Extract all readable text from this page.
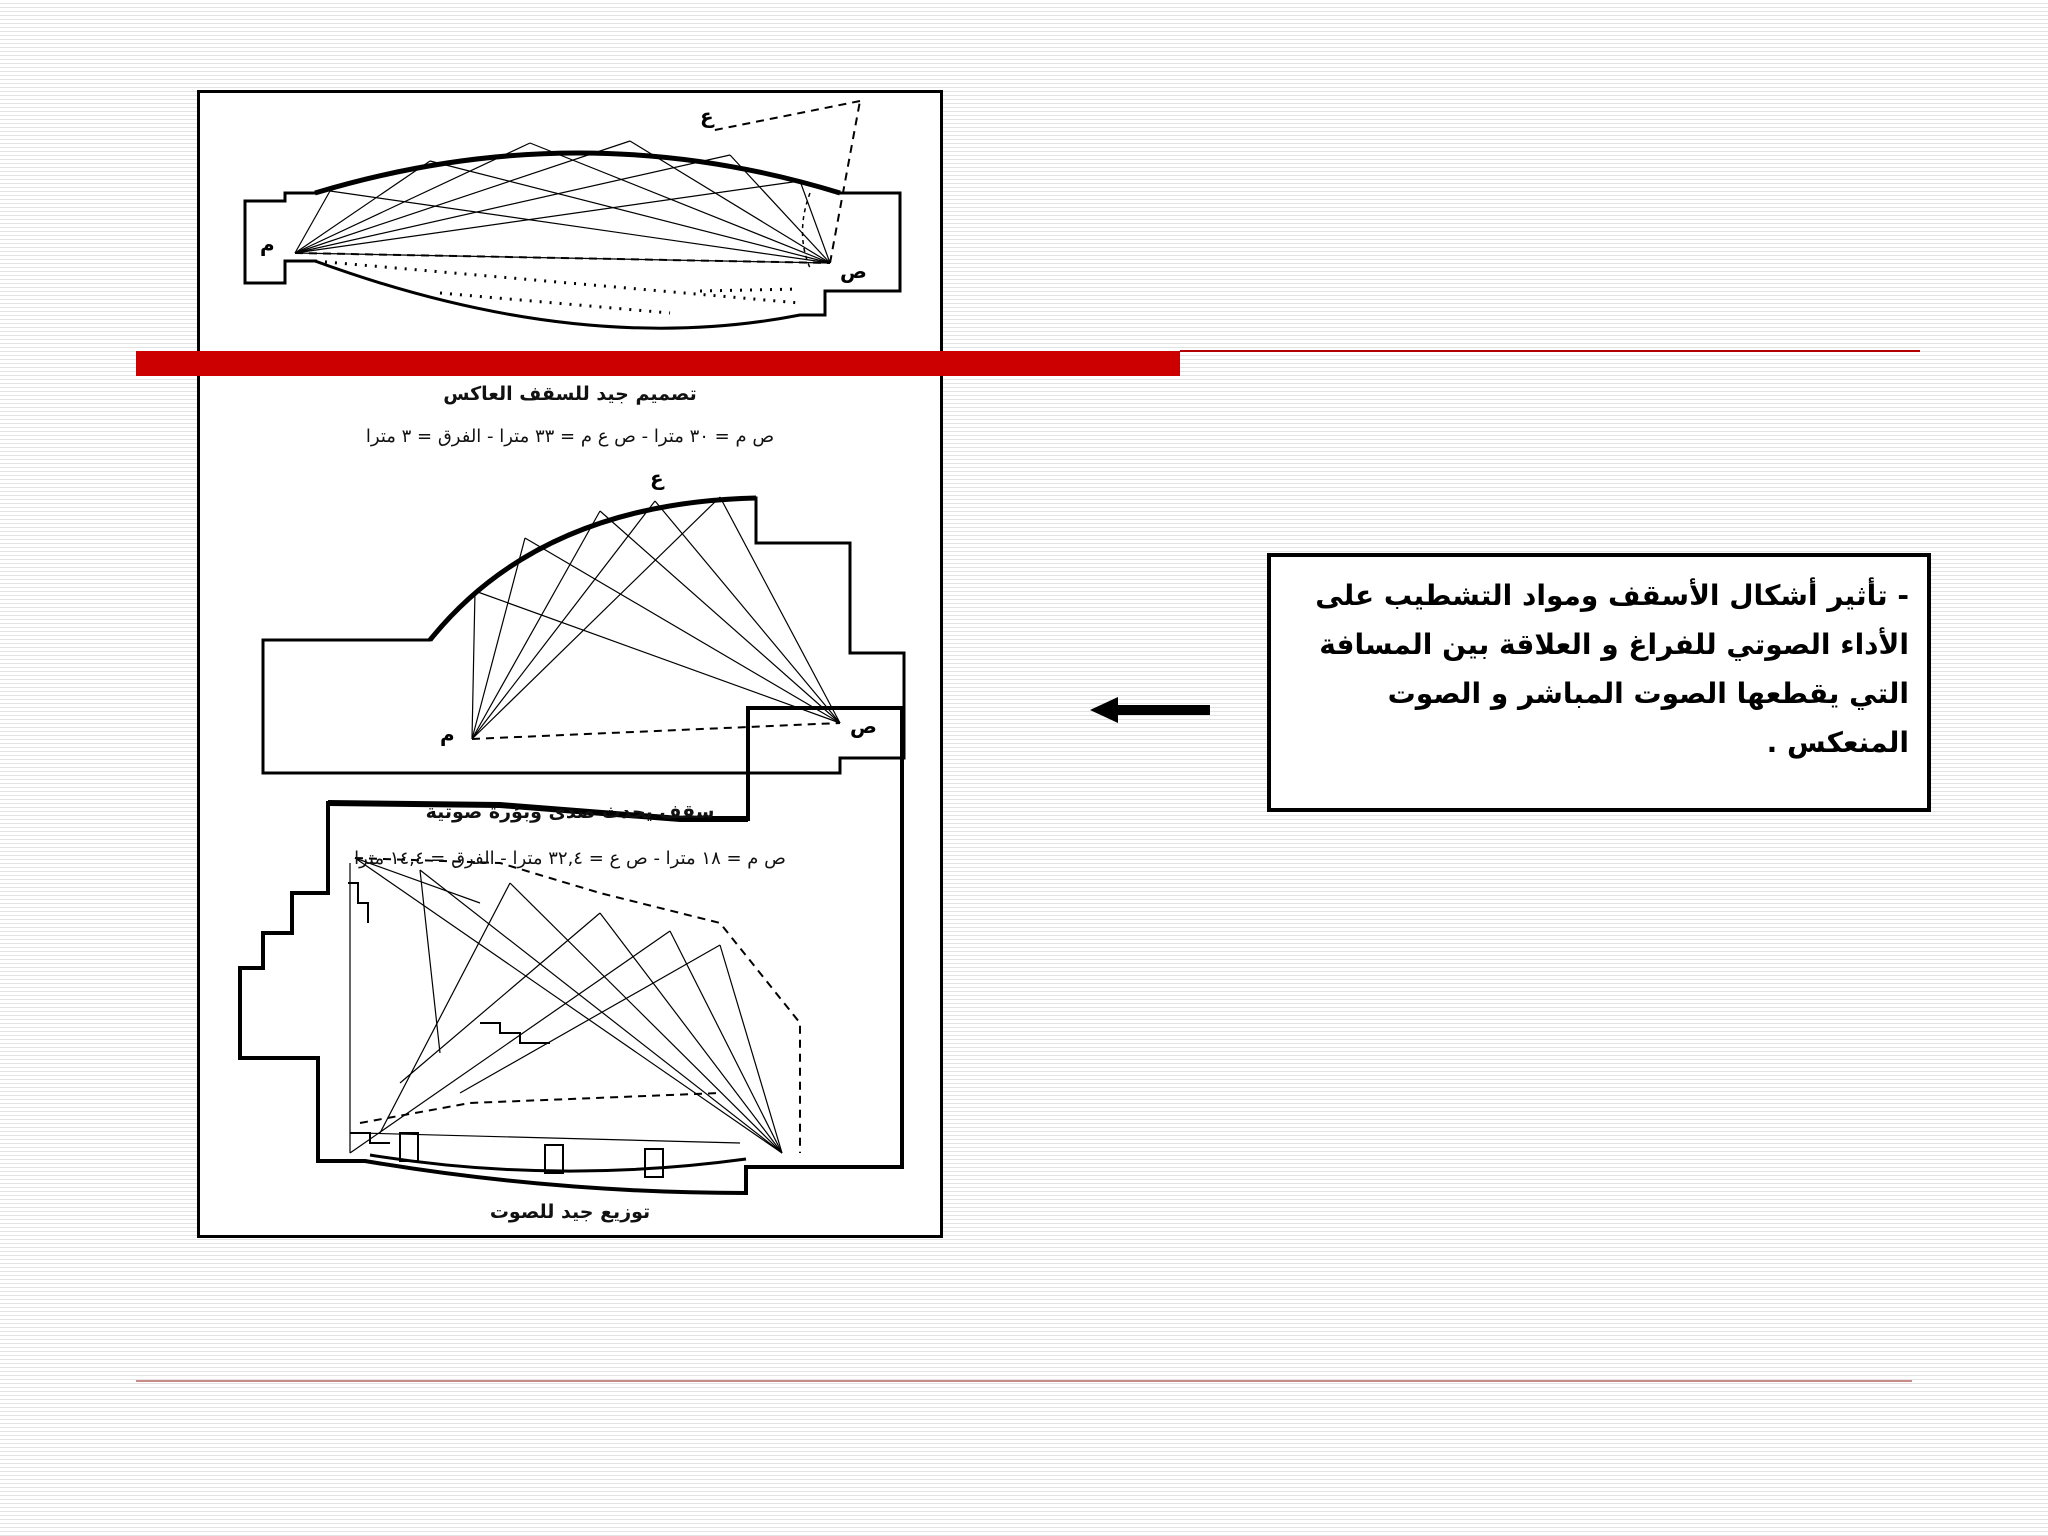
ع
ص
م
ع
ص
م
تصميم جيد للسقف العاكس
ص م = ٣٠ مترا - ص ع م = ٣٣ مترا - الفرق = ٣ مترا
سقف يحدث صدى وبؤرة صوتية
ص م = ١٨ مترا - ص ع = ٣٢,٤ مترا - الفرق = ١٤,٤ مترا
توزيع جيد للصوت

- تأثير أشكال الأسقف ومواد التشطيب على الأداء الصوتي للفراغ و العلاقة بين المسافة التي يقطعها الصوت المباشر و الصوت المنعكس .
